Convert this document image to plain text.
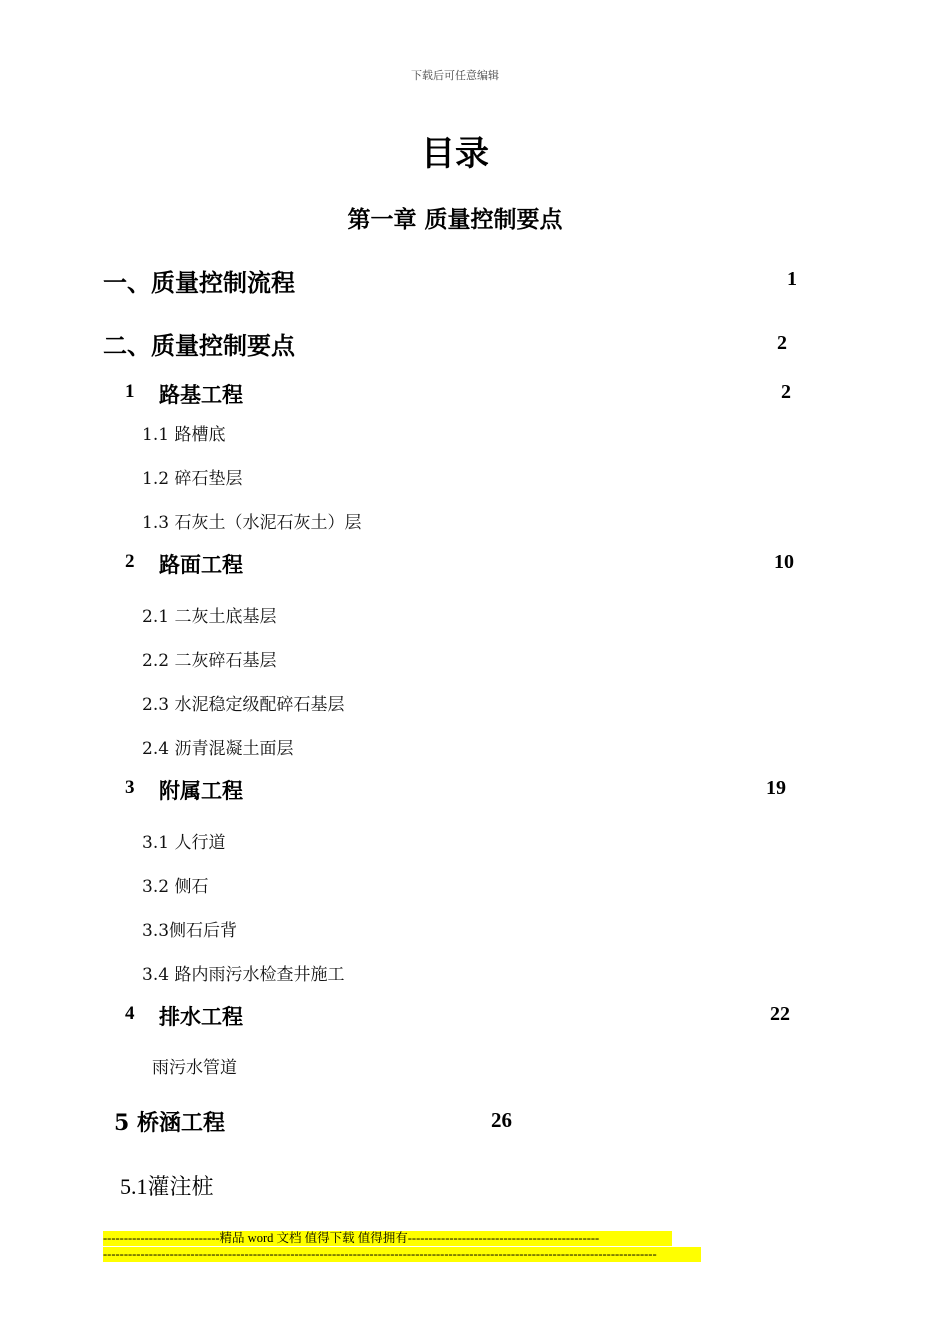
下载后可任意编辑
目录
第一章 质量控制要点
一、质量控制流程	1
二、质量控制要点	2
1 路基工程	2
1.1 路槽底
1.2 碎石垫层
1.3 石灰土（水泥石灰土）层
2 路面工程	10
2.1 二灰土底基层
2.2 二灰碎石基层
2.3 水泥稳定级配碎石基层
2.4 沥青混凝土面层
3 附属工程	19
3.1 人行道
3.2 侧石
3.3侧石后背
3.4 路内雨污水检查井施工
4 排水工程	22
雨污水管道
5 桥涵工程	26
5.1灌注桩
----------------------------精品 word 文档 值得下载 值得拥有----------------------------------------------
-------------------------------------------------------------------------------------------------------------------------------------
